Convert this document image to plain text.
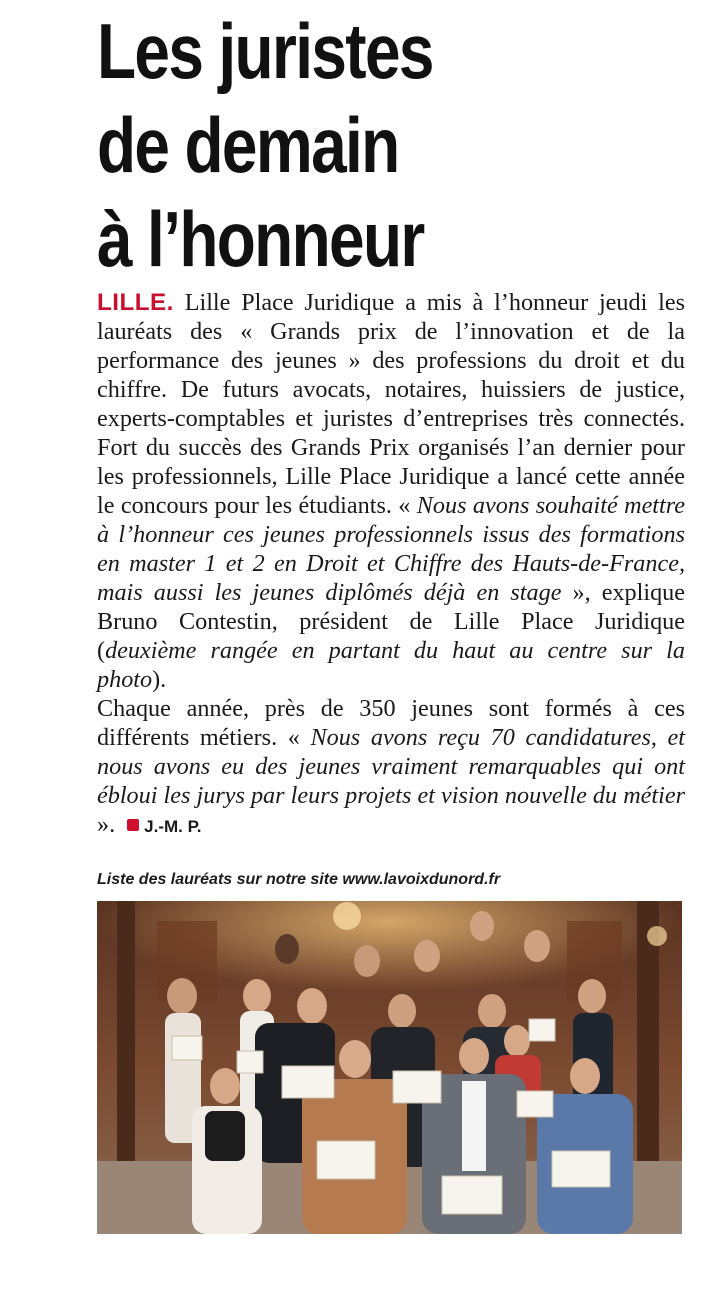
Les juristes
de demain
à l’honneur

LILLE. Lille Place Juridique a mis à l’honneur jeudi les lauréats des « Grands prix de l’innovation et de la performance des jeunes » des professions du droit et du chiffre. De futurs avocats, notaires, huissiers de justice, experts-comptables et juristes d’entreprises très connectés. Fort du succès des Grands Prix organisés l’an dernier pour les professionnels, Lille Place Juridique a lancé cette année le concours pour les étudiants. « Nous avons souhaité mettre à l’honneur ces jeunes professionnels issus des formations en master 1 et 2 en Droit et Chiffre des Hauts-de-France, mais aussi les jeunes diplômés déjà en stage », explique Bruno Contestin, président de Lille Place Juridique (deuxième rangée en partant du haut au centre sur la photo).

Chaque année, près de 350 jeunes sont formés à ces différents métiers. « Nous avons reçu 70 candidatures, et nous avons eu des jeunes vraiment remarquables qui ont ébloui les jurys par leurs projets et vision nouvelle du métier ». J.-M. P.

Liste des lauréats sur notre site www.lavoixdunord.fr
